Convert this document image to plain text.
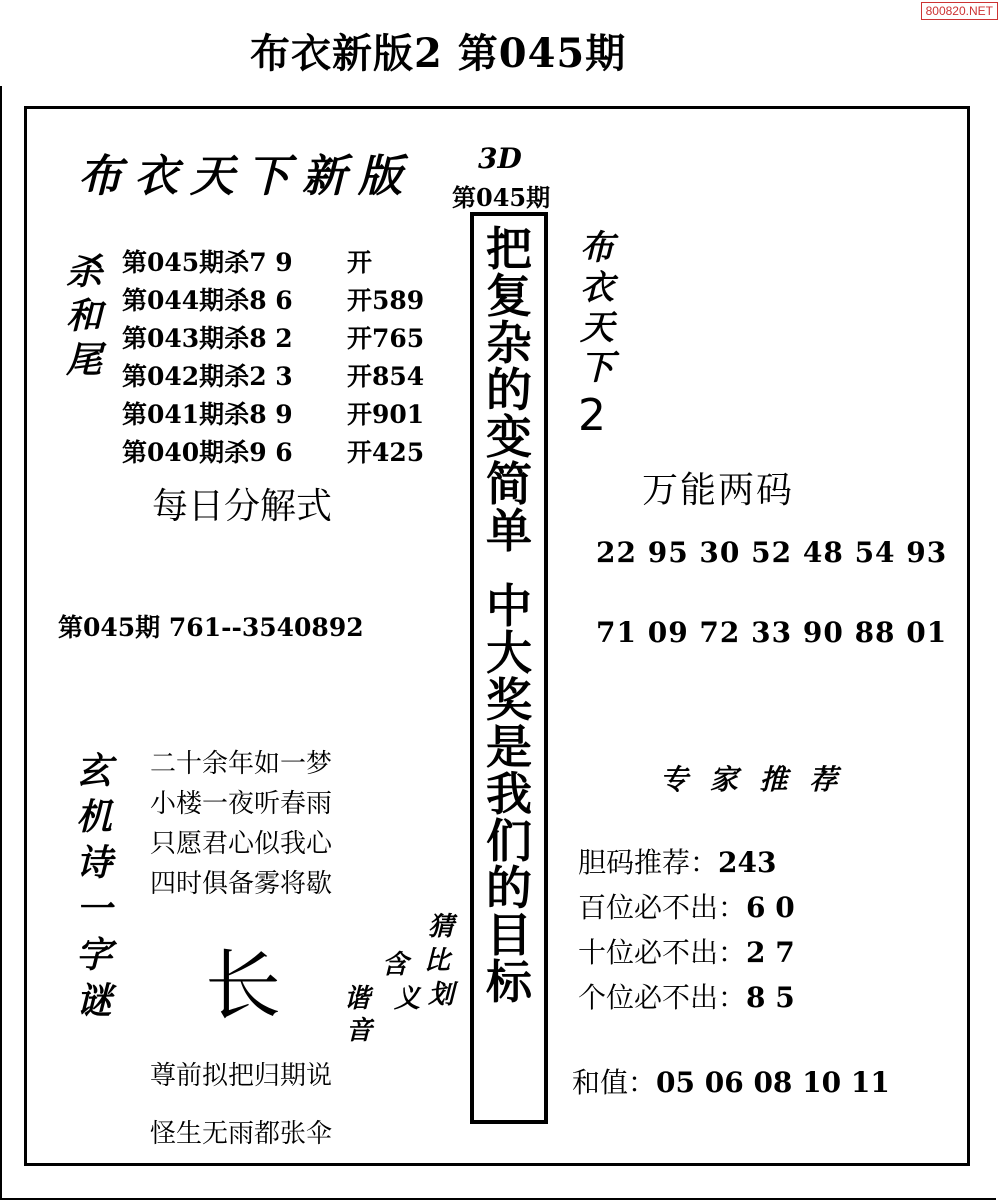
布衣新版2 第045期
800820.NET
布衣天下新版 3D
第045期
杀
和
尾
第045期杀7 9 开
第044期杀8 6 开589
第043期杀8 2 开765
第042期杀2 3 开854
第041期杀8 9 开901
第040期杀9 6 开425
每日分解式
第045期 761--3540892
玄
机
诗
一
字
谜
二十余年如一梦
小楼一夜听春雨
只愿君心似我心
四时俱备雾将歇
长
猜
比
划
含
义
谐
音
尊前拟把归期说
怪生无雨都张伞
把
复
杂
的
变
简
单
中
大
奖
是
我
们
的
目
标
布
衣
天
下
2
万能两码
22 95 30 52 48 54 93
71 09 72 33 90 88 01
专 家 推 荐
胆码推荐：243
百位必不出：6 0
十位必不出：2 7
个位必不出：8 5
和值：05 06 08 10 11
